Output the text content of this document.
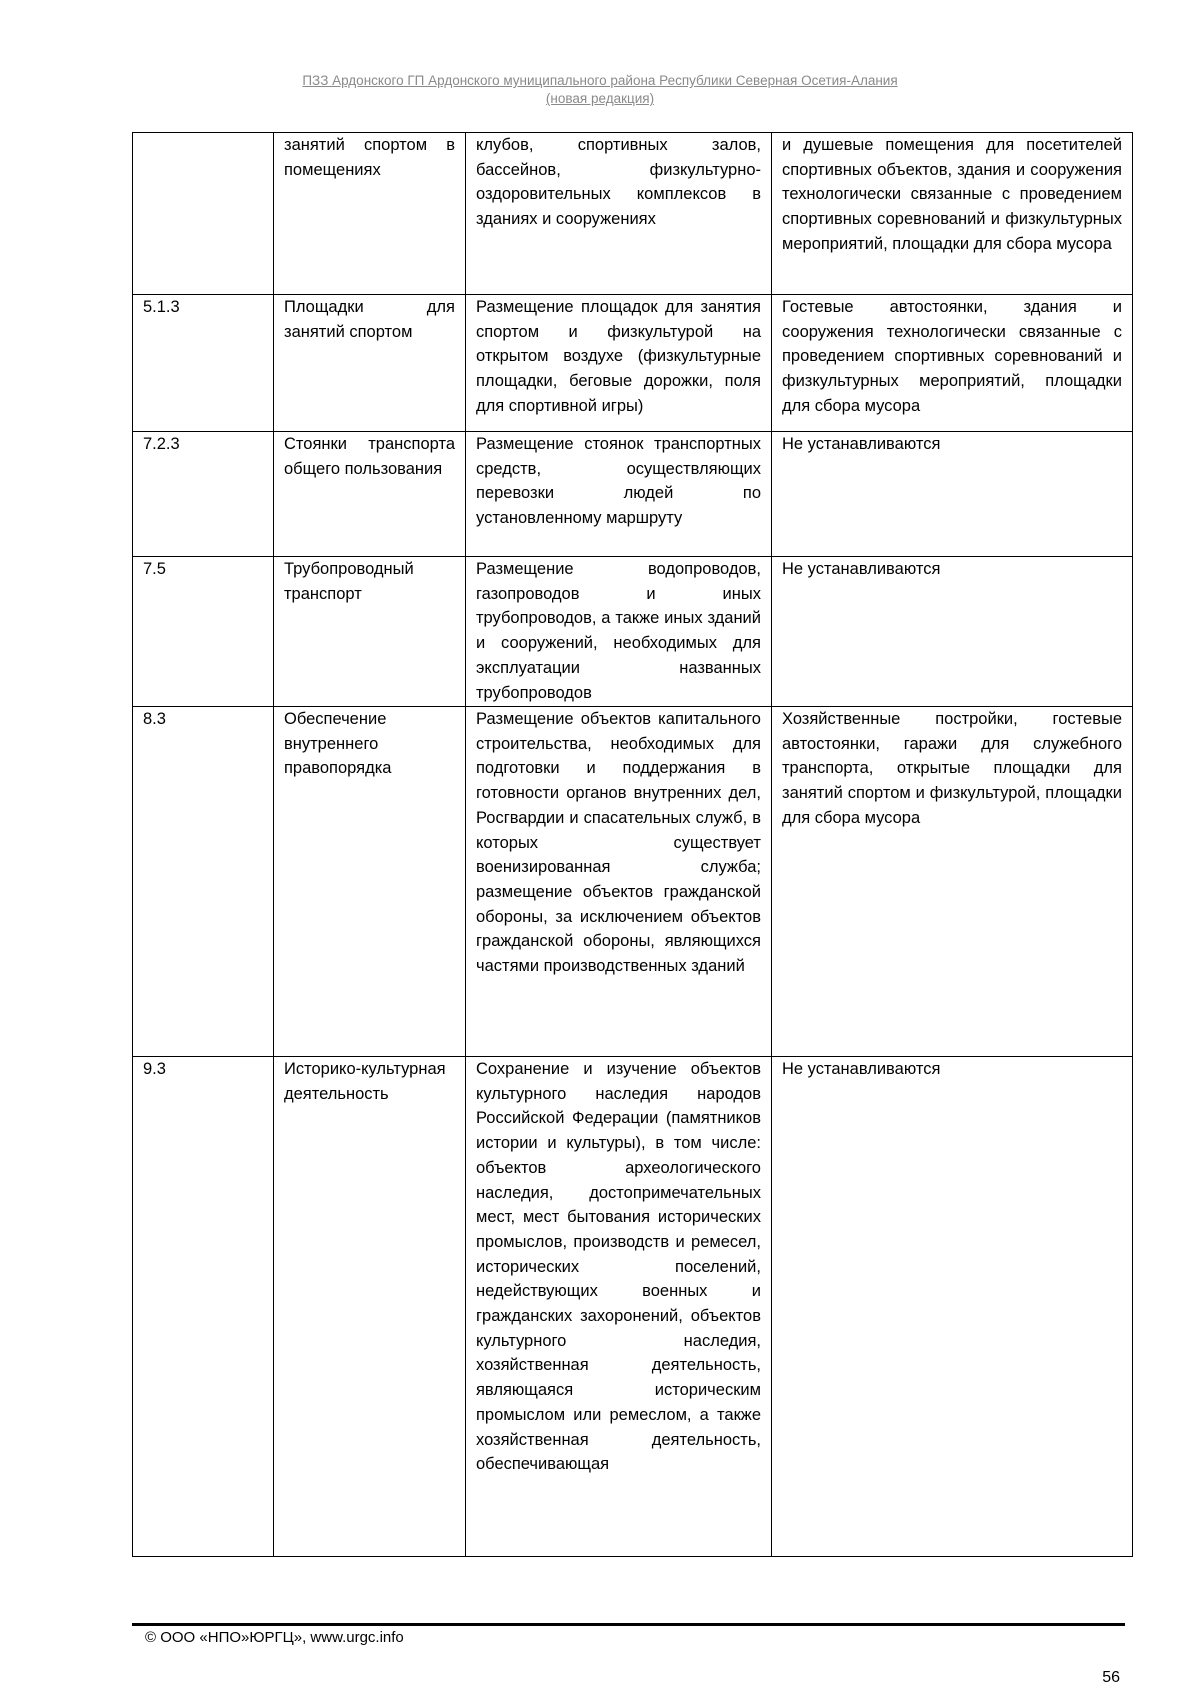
ПЗЗ Ардонского ГП Ардонского муниципального района Республики Северная Осетия-Алания
(новая редакция)
	занятий спортом в помещениях	клубов, спортивных залов, бассейнов, физкультурно-оздоровительных комплексов в зданиях и сооружениях	и душевые помещения для посетителей спортивных объектов, здания и сооружения технологически связанные с проведением спортивных соревнований и физкультурных мероприятий, площадки для сбора мусора
5.1.3	Площадки для занятий спортом	Размещение площадок для занятия спортом и физкультурой на открытом воздухе (физкультурные площадки, беговые дорожки, поля для спортивной игры)	Гостевые автостоянки, здания и сооружения технологически связанные с проведением спортивных соревнований и физкультурных мероприятий, площадки для сбора мусора
7.2.3	Стоянки транспорта общего пользования	Размещение стоянок транспортных средств, осуществляющих перевозки людей по установленному маршруту	Не устанавливаются
7.5	Трубопроводный транспорт	Размещение водопроводов, газопроводов и иных трубопроводов, а также иных зданий и сооружений, необходимых для эксплуатации названных трубопроводов	Не устанавливаются
8.3	Обеспечение внутреннего правопорядка	Размещение объектов капитального строительства, необходимых для подготовки и поддержания в готовности органов внутренних дел, Росгвардии и спасательных служб, в которых существует военизированная служба; размещение объектов гражданской обороны, за исключением объектов гражданской обороны, являющихся частями производственных зданий	Хозяйственные постройки, гостевые автостоянки, гаражи для служебного транспорта, открытые площадки для занятий спортом и физкультурой, площадки для сбора мусора
9.3	Историко-культурная деятельность	Сохранение и изучение объектов культурного наследия народов Российской Федерации (памятников истории и культуры), в том числе: объектов археологического наследия, достопримечательных мест, мест бытования исторических промыслов, производств и ремесел, исторических поселений, недействующих военных и гражданских захоронений, объектов культурного наследия, хозяйственная деятельность, являющаяся историческим промыслом или ремеслом, а также хозяйственная деятельность, обеспечивающая	Не устанавливаются
© ООО «НПО»ЮРГЦ», www.urgc.info
56
